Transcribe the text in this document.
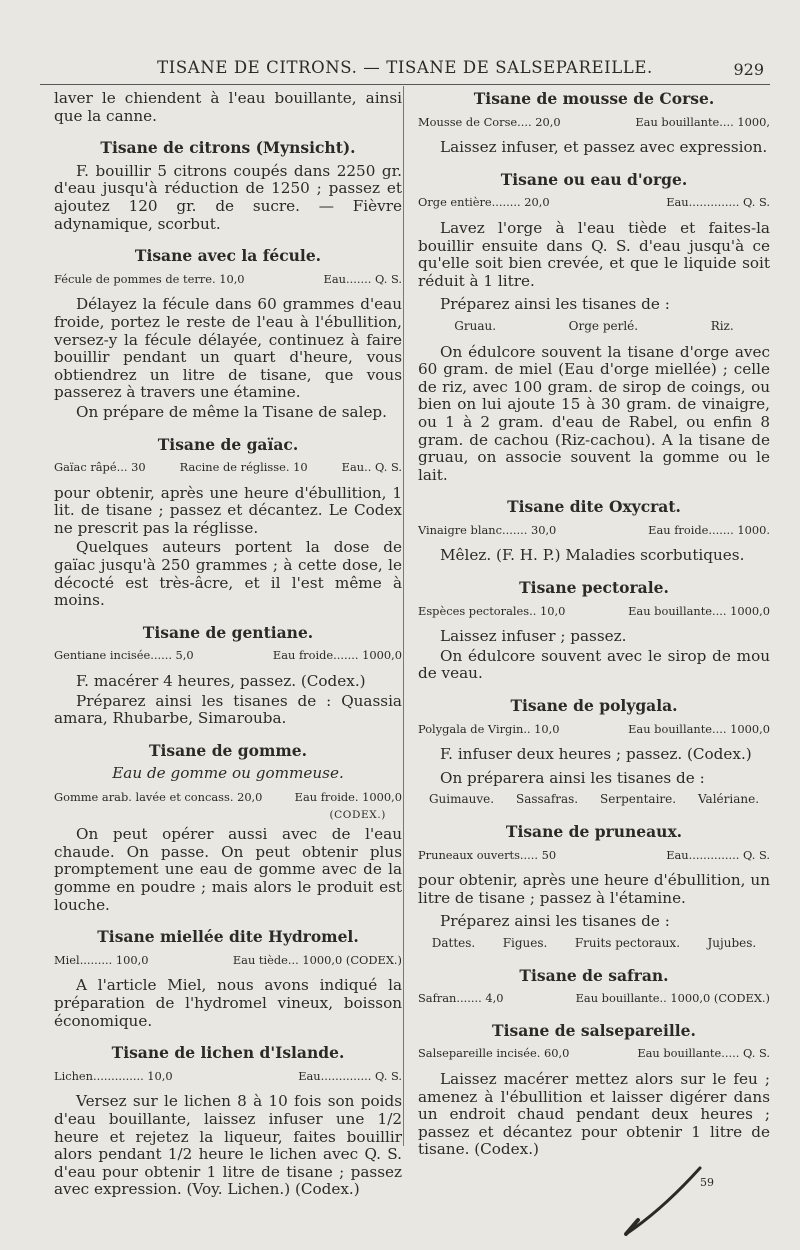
TISANE DE CITRONS. — TISANE DE SALSEPAREILLE.	929

laver le chiendent à l'eau bouillante, ainsi que la canne.

Tisane de citrons (Mynsicht).

F. bouillir 5 citrons coupés dans 2250 gr. d'eau jusqu'à réduction de 1250 ; passez et ajoutez 120 gr. de sucre. — Fièvre adynamique, scorbut.

Tisane avec la fécule.
Fécule de pommes de terre. 10,0	Eau....... Q. S.

Délayez la fécule dans 60 grammes d'eau froide, portez le reste de l'eau à l'ébullition, versez-y la fécule délayée, continuez à faire bouillir pendant un quart d'heure, vous obtiendrez un litre de tisane, que vous passerez à travers une étamine.

On prépare de même la Tisane de salep.

Tisane de gaïac.
Gaïac râpé... 30	Racine de réglisse. 10	Eau.. Q. S.

pour obtenir, après une heure d'ébullition, 1 lit. de tisane ; passez et décantez. Le Codex ne prescrit pas la réglisse.

Quelques auteurs portent la dose de gaïac jusqu'à 250 grammes ; à cette dose, le décocté est très-âcre, et il l'est même à moins.

Tisane de gentiane.
Gentiane incisée...... 5,0	Eau froide....... 1000,0

F. macérer 4 heures, passez. (Codex.)

Préparez ainsi les tisanes de : Quassia amara, Rhubarbe, Simarouba.

Tisane de gomme.
Eau de gomme ou gommeuse.
Gomme arab. lavée et concass. 20,0	Eau froide. 1000,0
(CODEX.)

On peut opérer aussi avec de l'eau chaude. On passe. On peut obtenir plus promptement une eau de gomme avec de la gomme en poudre ; mais alors le produit est louche.

Tisane miellée dite Hydromel.
Miel......... 100,0	Eau tiède... 1000,0 (CODEX.)

A l'article Miel, nous avons indiqué la préparation de l'hydromel vineux, boisson économique.

Tisane de lichen d'Islande.
Lichen.............. 10,0	Eau.............. Q. S.

Versez sur le lichen 8 à 10 fois son poids d'eau bouillante, laissez infuser une 1/2 heure et rejetez la liqueur, faites bouillir alors pendant 1/2 heure le lichen avec Q. S. d'eau pour obtenir 1 litre de tisane ; passez avec expression. (Voy. Lichen.) (Codex.)

Tisane de mousse de Corse.
Mousse de Corse.... 20,0	Eau bouillante.... 1000,

Laissez infuser, et passez avec expression.

Tisane ou eau d'orge.
Orge entière........ 20,0	Eau.............. Q. S.

Lavez l'orge à l'eau tiède et faites-la bouillir ensuite dans Q. S. d'eau jusqu'à ce qu'elle soit bien crevée, et que le liquide soit réduit à 1 litre.

Préparez ainsi les tisanes de :

Gruau.	Orge perlé.	Riz.

On édulcore souvent la tisane d'orge avec 60 gram. de miel (Eau d'orge miellée) ; celle de riz, avec 100 gram. de sirop de coings, ou bien on lui ajoute 15 à 30 gram. de vinaigre, ou 1 à 2 gram. d'eau de Rabel, ou enfin 8 gram. de cachou (Riz-cachou). A la tisane de gruau, on associe souvent la gomme ou le lait.

Tisane dite Oxycrat.
Vinaigre blanc....... 30,0	Eau froide....... 1000.

Mêlez. (F. H. P.) Maladies scorbutiques.

Tisane pectorale.
Espèces pectorales.. 10,0	Eau bouillante.... 1000,0

Laissez infuser ; passez.

On édulcore souvent avec le sirop de mou de veau.

Tisane de polygala.
Polygala de Virgin.. 10,0	Eau bouillante.... 1000,0

F. infuser deux heures ; passez. (Codex.)

On préparera ainsi les tisanes de :

Guimauve. Sassafras. Serpentaire. Valériane.
Tisane de pruneaux.
Pruneaux ouverts..... 50	Eau.............. Q. S.

pour obtenir, après une heure d'ébullition, un litre de tisane ; passez à l'étamine.

Préparez ainsi les tisanes de :

Dattes. Figues. Fruits pectoraux. Jujubes.
Tisane de safran.
Safran....... 4,0	Eau bouillante.. 1000,0 (CODEX.)
Tisane de salsepareille.
Salsepareille incisée. 60,0	Eau bouillante..... Q. S.

Laissez macérer mettez alors sur le feu ; amenez à l'ébullition et laisser digérer dans un endroit chaud pendant deux heures ; passez et décantez pour obtenir 1 litre de tisane. (Codex.)

59
